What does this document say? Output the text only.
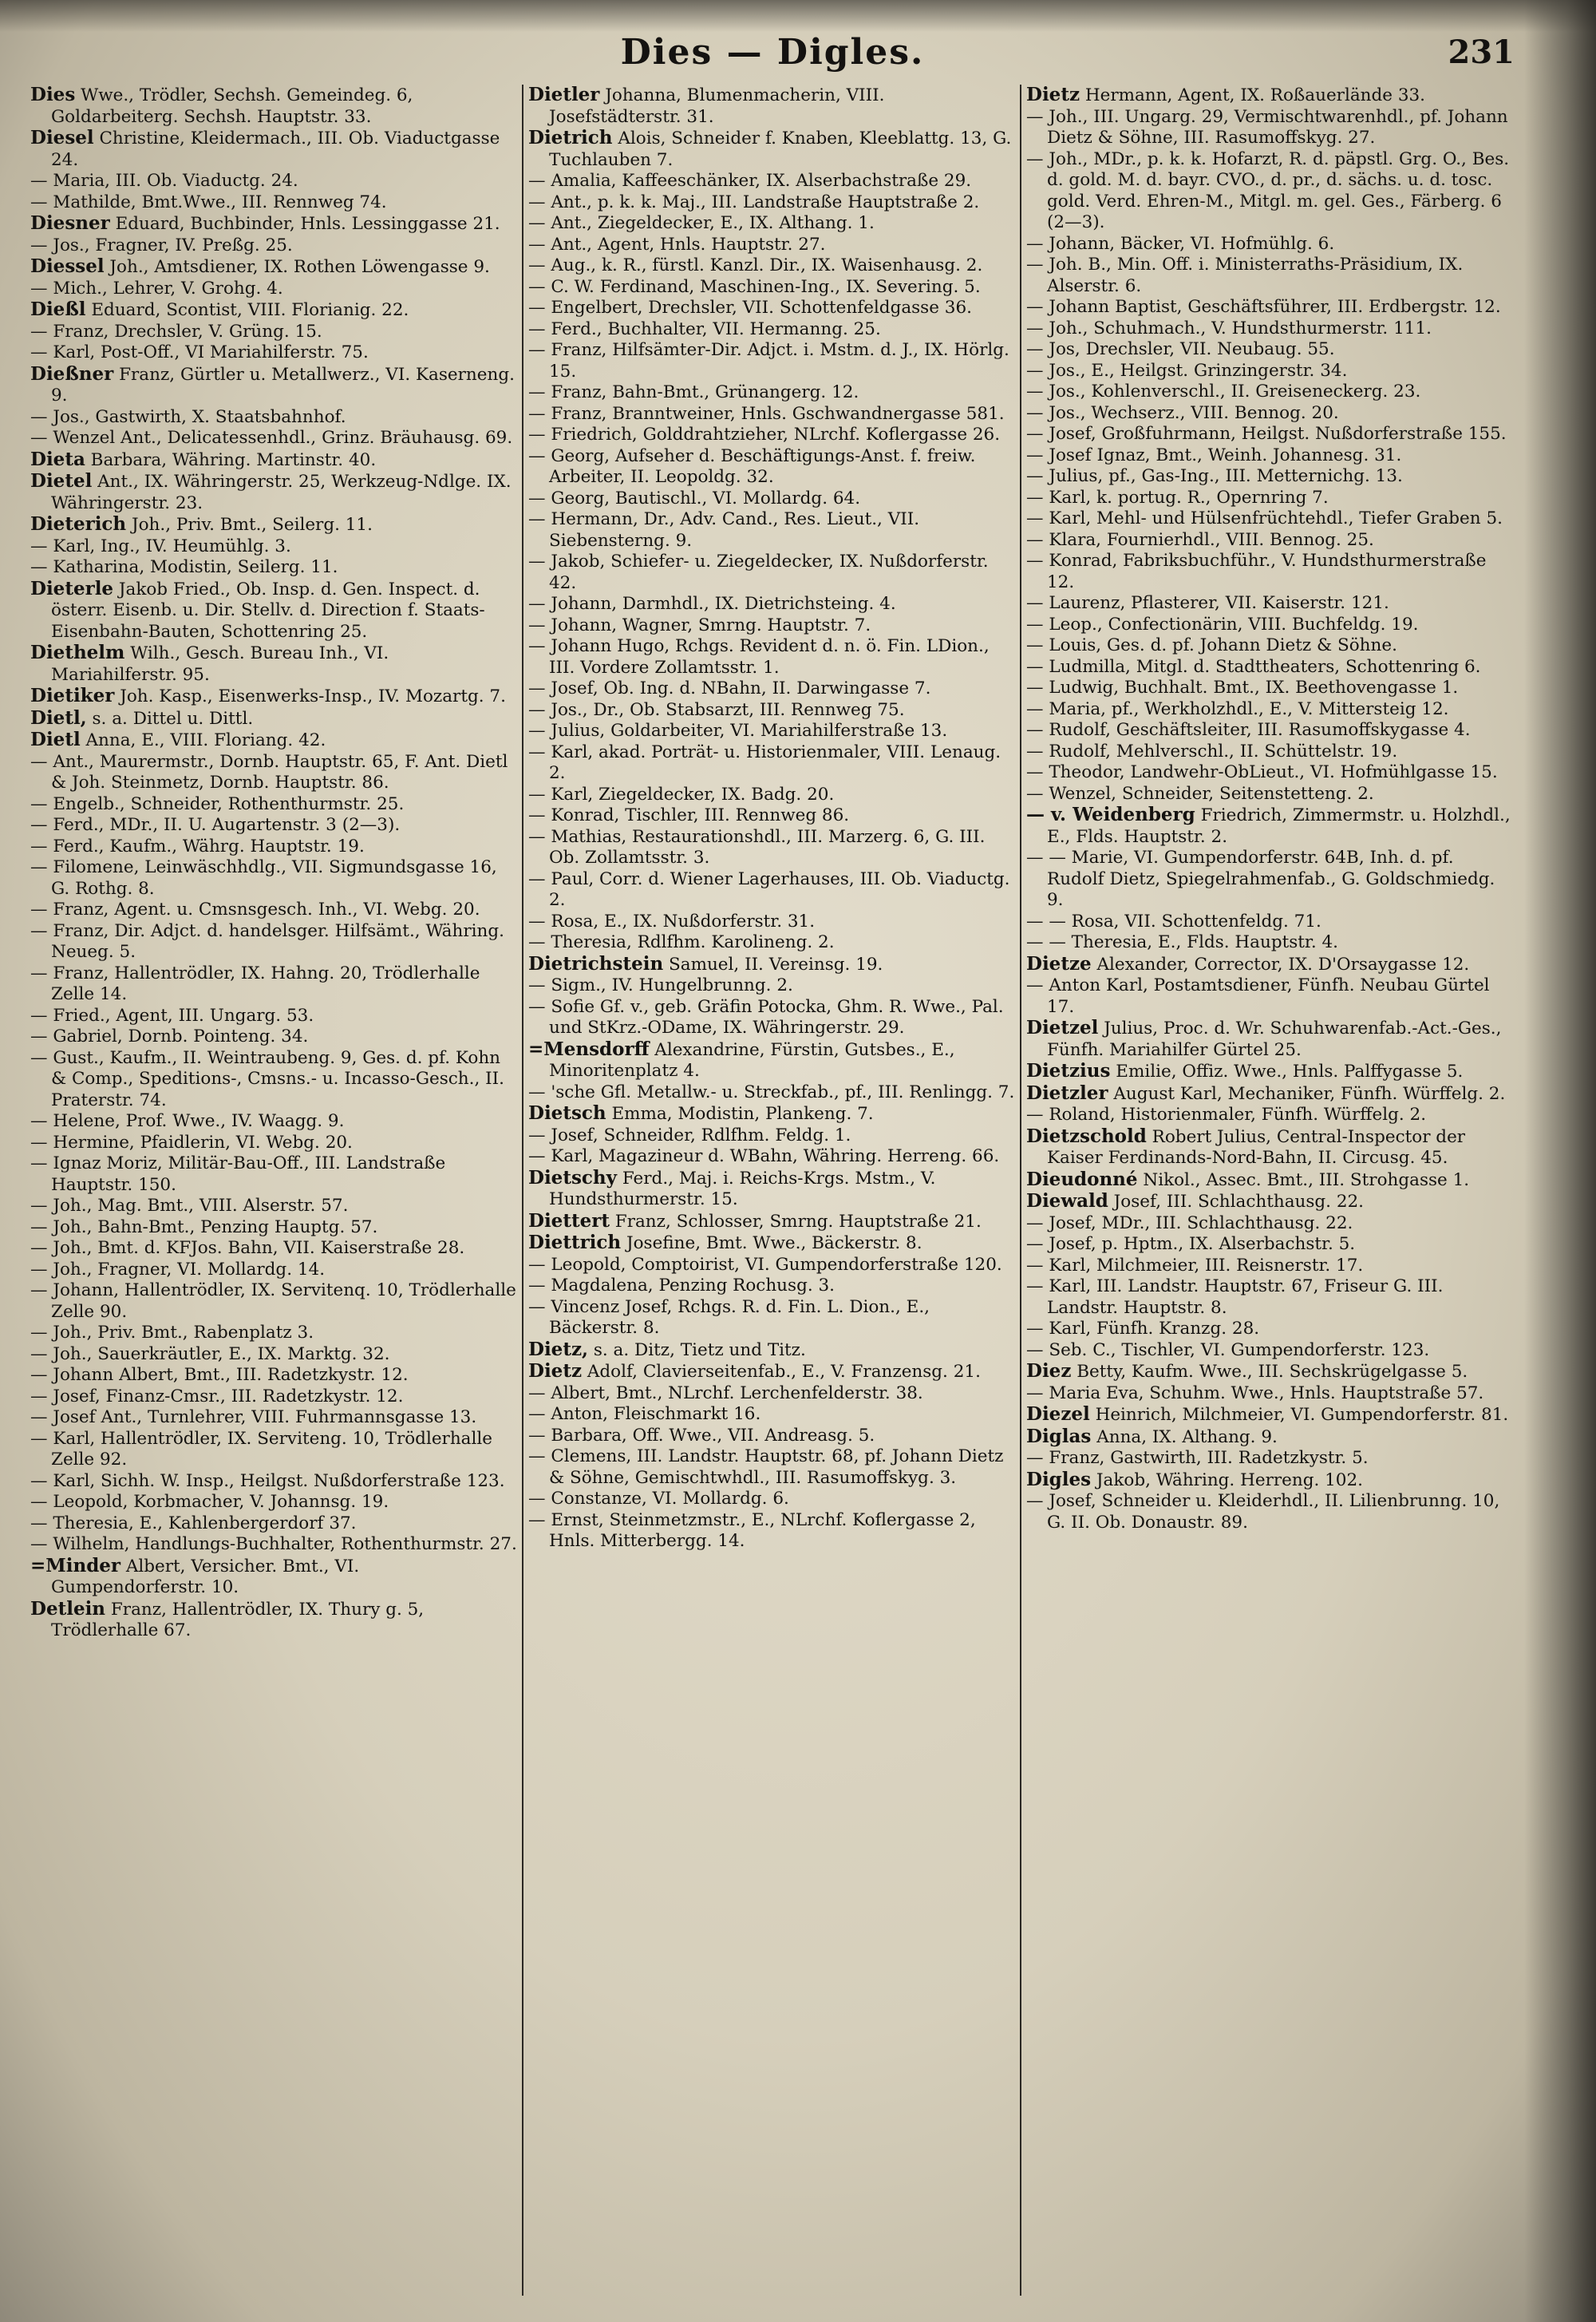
Dies — Digles.	231
Dies Wwe., Trödler, Sechsh. Gemeindeg. 6, Goldarbeiterg. Sechsh. Hauptstr. 33.
Diesel Christine, Kleidermach., III. Ob. Viaductgasse 24.
— Maria, III. Ob. Viaductg. 24.
— Mathilde, Bmt.Wwe., III. Rennweg 74.
Diesner Eduard, Buchbinder, Hnls. Lessinggasse 21.
— Jos., Fragner, IV. Preßg. 25.
Diessel Joh., Amtsdiener, IX. Rothen Löwengasse 9.
— Mich., Lehrer, V. Grohg. 4.
Dießl Eduard, Scontist, VIII. Florianig. 22.
— Franz, Drechsler, V. Grüng. 15.
— Karl, Post-Off., VI Mariahilferstr. 75.
Dießner Franz, Gürtler u. Metallwerz., VI. Kaserneng. 9.
— Jos., Gastwirth, X. Staatsbahnhof.
— Wenzel Ant., Delicatessenhdl., Grinz. Bräuhausg. 69.
Dieta Barbara, Währing. Martinstr. 40.
Dietel Ant., IX. Währingerstr. 25, Werkzeug-Ndlge. IX. Währingerstr. 23.
Dieterich Joh., Priv. Bmt., Seilerg. 11.
— Karl, Ing., IV. Heumühlg. 3.
— Katharina, Modistin, Seilerg. 11.
Dieterle Jakob Fried., Ob. Insp. d. Gen. Inspect. d. österr. Eisenb. u. Dir. Stellv. d. Direction f. Staats-Eisenbahn-Bauten, Schottenring 25.
Diethelm Wilh., Gesch. Bureau Inh., VI. Mariahilferstr. 95.
Dietiker Joh. Kasp., Eisenwerks-Insp., IV. Mozartg. 7.
Dietl, s. a. Dittel u. Dittl.
Dietl Anna, E., VIII. Floriang. 42.
— Ant., Maurermstr., Dornb. Hauptstr. 65, F. Ant. Dietl & Joh. Steinmetz, Dornb. Hauptstr. 86.
— Engelb., Schneider, Rothenthurmstr. 25.
— Ferd., MDr., II. U. Augartenstr. 3 (2—3).
— Ferd., Kaufm., Währg. Hauptstr. 19.
— Filomene, Leinwäschhdlg., VII. Sigmundsgasse 16, G. Rothg. 8.
— Franz, Agent. u. Cmsnsgesch. Inh., VI. Webg. 20.
— Franz, Dir. Adjct. d. handelsger. Hilfsämt., Währing. Neueg. 5.
— Franz, Hallentrödler, IX. Hahng. 20, Trödlerhalle Zelle 14.
— Fried., Agent, III. Ungarg. 53.
— Gabriel, Dornb. Pointeng. 34.
— Gust., Kaufm., II. Weintraubeng. 9, Ges. d. pf. Kohn & Comp., Speditions-, Cmsns.- u. Incasso-Gesch., II. Praterstr. 74.
— Helene, Prof. Wwe., IV. Waagg. 9.
— Hermine, Pfaidlerin, VI. Webg. 20.
— Ignaz Moriz, Militär-Bau-Off., III. Landstraße Hauptstr. 150.
— Joh., Mag. Bmt., VIII. Alserstr. 57.
— Joh., Bahn-Bmt., Penzing Hauptg. 57.
— Joh., Bmt. d. KFJos. Bahn, VII. Kaiserstraße 28.
— Joh., Fragner, VI. Mollardg. 14.
— Johann, Hallentrödler, IX. Servitenq. 10, Trödlerhalle Zelle 90.
— Joh., Priv. Bmt., Rabenplatz 3.
— Joh., Sauerkräutler, E., IX. Marktg. 32.
— Johann Albert, Bmt., III. Radetzkystr. 12.
— Josef, Finanz-Cmsr., III. Radetzkystr. 12.
— Josef Ant., Turnlehrer, VIII. Fuhrmannsgasse 13.
— Karl, Hallentrödler, IX. Serviteng. 10, Trödlerhalle Zelle 92.
— Karl, Sichh. W. Insp., Heilgst. Nußdorferstraße 123.
— Leopold, Korbmacher, V. Johannsg. 19.
— Theresia, E., Kahlenbergerdorf 37.
— Wilhelm, Handlungs-Buchhalter, Rothenthurmstr. 27.
=Minder Albert, Versicher. Bmt., VI. Gumpendorferstr. 10.
Detlein Franz, Hallentrödler, IX. Thury g. 5, Trödlerhalle 67.
Dietler Johanna, Blumenmacherin, VIII. Josefstädterstr. 31.
Dietrich Alois, Schneider f. Knaben, Kleeblattg. 13, G. Tuchlauben 7.
— Amalia, Kaffeeschänker, IX. Alserbachstraße 29.
— Ant., p. k. k. Maj., III. Landstraße Hauptstraße 2.
— Ant., Ziegeldecker, E., IX. Althang. 1.
— Ant., Agent, Hnls. Hauptstr. 27.
— Aug., k. R., fürstl. Kanzl. Dir., IX. Waisenhausg. 2.
— C. W. Ferdinand, Maschinen-Ing., IX. Severing. 5.
— Engelbert, Drechsler, VII. Schottenfeldgasse 36.
— Ferd., Buchhalter, VII. Hermanng. 25.
— Franz, Hilfsämter-Dir. Adjct. i. Mstm. d. J., IX. Hörlg. 15.
— Franz, Bahn-Bmt., Grünangerg. 12.
— Franz, Branntweiner, Hnls. Gschwandnergasse 581.
— Friedrich, Golddrahtzieher, NLrchf. Koflergasse 26.
— Georg, Aufseher d. Beschäftigungs-Anst. f. freiw. Arbeiter, II. Leopoldg. 32.
— Georg, Bautischl., VI. Mollardg. 64.
— Hermann, Dr., Adv. Cand., Res. Lieut., VII. Siebensterng. 9.
— Jakob, Schiefer- u. Ziegeldecker, IX. Nußdorferstr. 42.
— Johann, Darmhdl., IX. Dietrichsteing. 4.
— Johann, Wagner, Smrng. Hauptstr. 7.
— Johann Hugo, Rchgs. Revident d. n. ö. Fin. LDion., III. Vordere Zollamtsstr. 1.
— Josef, Ob. Ing. d. NBahn, II. Darwingasse 7.
— Jos., Dr., Ob. Stabsarzt, III. Rennweg 75.
— Julius, Goldarbeiter, VI. Mariahilferstraße 13.
— Karl, akad. Porträt- u. Historienmaler, VIII. Lenaug. 2.
— Karl, Ziegeldecker, IX. Badg. 20.
— Konrad, Tischler, III. Rennweg 86.
— Mathias, Restaurationshdl., III. Marzerg. 6, G. III. Ob. Zollamtsstr. 3.
— Paul, Corr. d. Wiener Lagerhauses, III. Ob. Viaductg. 2.
— Rosa, E., IX. Nußdorferstr. 31.
— Theresia, Rdlfhm. Karolineng. 2.
Dietrichstein Samuel, II. Vereinsg. 19.
— Sigm., IV. Hungelbrunng. 2.
— Sofie Gf. v., geb. Gräfin Potocka, Ghm. R. Wwe., Pal. und StKrz.-ODame, IX. Währingerstr. 29.
=Mensdorff Alexandrine, Fürstin, Gutsbes., E., Minoritenplatz 4.
— 'sche Gfl. Metallw.- u. Streckfab., pf., III. Renlingg. 7.
Dietsch Emma, Modistin, Plankeng. 7.
— Josef, Schneider, Rdlfhm. Feldg. 1.
— Karl, Magazineur d. WBahn, Währing. Herreng. 66.
Dietschy Ferd., Maj. i. Reichs-Krgs. Mstm., V. Hundsthurmerstr. 15.
Diettert Franz, Schlosser, Smrng. Hauptstraße 21.
Diettrich Josefine, Bmt. Wwe., Bäckerstr. 8.
— Leopold, Comptoirist, VI. Gumpendorferstraße 120.
— Magdalena, Penzing Rochusg. 3.
— Vincenz Josef, Rchgs. R. d. Fin. L. Dion., E., Bäckerstr. 8.
Dietz, s. a. Ditz, Tietz und Titz.
Dietz Adolf, Clavierseitenfab., E., V. Franzensg. 21.
— Albert, Bmt., NLrchf. Lerchenfelderstr. 38.
— Anton, Fleischmarkt 16.
— Barbara, Off. Wwe., VII. Andreasg. 5.
— Clemens, III. Landstr. Hauptstr. 68, pf. Johann Dietz & Söhne, Gemischtwhdl., III. Rasumoffskyg. 3.
— Constanze, VI. Mollardg. 6.
— Ernst, Steinmetzmstr., E., NLrchf. Koflergasse 2, Hnls. Mitterbergg. 14.
Dietz Hermann, Agent, IX. Roßauerlände 33.
— Joh., III. Ungarg. 29, Vermischtwarenhdl., pf. Johann Dietz & Söhne, III. Rasumoffskyg. 27.
— Joh., MDr., p. k. k. Hofarzt, R. d. päpstl. Grg. O., Bes. d. gold. M. d. bayr. CVO., d. pr., d. sächs. u. d. tosc. gold. Verd. Ehren-M., Mitgl. m. gel. Ges., Färberg. 6 (2—3).
— Johann, Bäcker, VI. Hofmühlg. 6.
— Joh. B., Min. Off. i. Ministerraths-Präsidium, IX. Alserstr. 6.
— Johann Baptist, Geschäftsführer, III. Erdbergstr. 12.
— Joh., Schuhmach., V. Hundsthurmerstr. 111.
— Jos, Drechsler, VII. Neubaug. 55.
— Jos., E., Heilgst. Grinzingerstr. 34.
— Jos., Kohlenverschl., II. Greiseneckerg. 23.
— Jos., Wechserz., VIII. Bennog. 20.
— Josef, Großfuhrmann, Heilgst. Nußdorferstraße 155.
— Josef Ignaz, Bmt., Weinh. Johannesg. 31.
— Julius, pf., Gas-Ing., III. Metternichg. 13.
— Karl, k. portug. R., Opernring 7.
— Karl, Mehl- und Hülsenfrüchtehdl., Tiefer Graben 5.
— Klara, Fournierhdl., VIII. Bennog. 25.
— Konrad, Fabriksbuchführ., V. Hundsthurmerstraße 12.
— Laurenz, Pflasterer, VII. Kaiserstr. 121.
— Leop., Confectionärin, VIII. Buchfeldg. 19.
— Louis, Ges. d. pf. Johann Dietz & Söhne.
— Ludmilla, Mitgl. d. Stadttheaters, Schottenring 6.
— Ludwig, Buchhalt. Bmt., IX. Beethovengasse 1.
— Maria, pf., Werkholzhdl., E., V. Mittersteig 12.
— Rudolf, Geschäftsleiter, III. Rasumoffskygasse 4.
— Rudolf, Mehlverschl., II. Schüttelstr. 19.
— Theodor, Landwehr-ObLieut., VI. Hofmühlgasse 15.
— Wenzel, Schneider, Seitenstetteng. 2.
— v. Weidenberg Friedrich, Zimmermstr. u. Holzhdl., E., Flds. Hauptstr. 2.
— — Marie, VI. Gumpendorferstr. 64B, Inh. d. pf. Rudolf Dietz, Spiegelrahmenfab., G. Goldschmiedg. 9.
— — Rosa, VII. Schottenfeldg. 71.
— — Theresia, E., Flds. Hauptstr. 4.
Dietze Alexander, Corrector, IX. D'Orsaygasse 12.
— Anton Karl, Postamtsdiener, Fünfh. Neubau Gürtel 17.
Dietzel Julius, Proc. d. Wr. Schuhwarenfab.-Act.-Ges., Fünfh. Mariahilfer Gürtel 25.
Dietzius Emilie, Offiz. Wwe., Hnls. Palffygasse 5.
Dietzler August Karl, Mechaniker, Fünfh. Würffelg. 2.
— Roland, Historienmaler, Fünfh. Würffelg. 2.
Dietzschold Robert Julius, Central-Inspector der Kaiser Ferdinands-Nord-Bahn, II. Circusg. 45.
Dieudonné Nikol., Assec. Bmt., III. Strohgasse 1.
Diewald Josef, III. Schlachthausg. 22.
— Josef, MDr., III. Schlachthausg. 22.
— Josef, p. Hptm., IX. Alserbachstr. 5.
— Karl, Milchmeier, III. Reisnerstr. 17.
— Karl, III. Landstr. Hauptstr. 67, Friseur G. III. Landstr. Hauptstr. 8.
— Karl, Fünfh. Kranzg. 28.
— Seb. C., Tischler, VI. Gumpendorferstr. 123.
Diez Betty, Kaufm. Wwe., III. Sechskrügelgasse 5.
— Maria Eva, Schuhm. Wwe., Hnls. Hauptstraße 57.
Diezel Heinrich, Milchmeier, VI. Gumpendorferstr. 81.
Diglas Anna, IX. Althang. 9.
— Franz, Gastwirth, III. Radetzkystr. 5.
Digles Jakob, Währing. Herreng. 102.
— Josef, Schneider u. Kleiderhdl., II. Lilienbrunng. 10, G. II. Ob. Donaustr. 89.
